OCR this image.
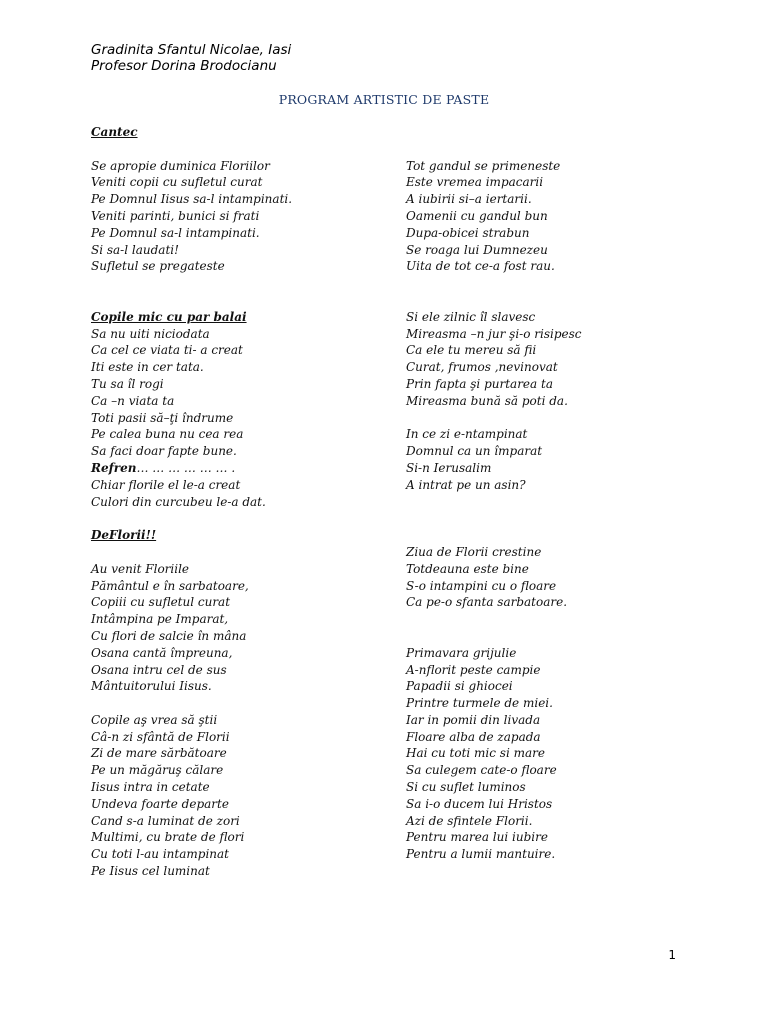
Gradinita Sfantul Nicolae, Iasi
Profesor Dorina Brodocianu
PROGRAM ARTISTIC DE PASTE
Cantec
Se apropie duminica Floriilor
Veniti copii cu sufletul curat
Pe Domnul Iisus sa-l intampinati.
Veniti parinti, bunici si frati
Pe Domnul sa-l intampinati.
Si sa-l laudati!
Sufletul se pregateste
Copile mic cu par balai
Sa nu uiti niciodata
Ca cel ce viata ti- a creat
Iti este in cer tata.
Tu sa îl rogi
Ca –n viata ta
Toti pasii să–ţi îndrume
Pe calea buna nu cea rea
Sa faci doar fapte bune.
Refren… … … … … … .
Chiar florile el le-a creat
Culori din curcubeu le-a dat.
DeFlorii!!
Au venit Floriile
Pământul e în sarbatoare,
Copiii cu sufletul curat
Intâmpina pe Imparat,
Cu flori de salcie în mâna
Osana cantă împreuna,
Osana intru cel de sus
Mântuitorului Iisus.
Copile aş vrea să ştii
Câ-n zi sfântă de Florii
Zi de mare sărbătoare
Pe un măgăruş călare
Iisus intra in cetate
Undeva foarte departe
Cand s-a luminat de zori
Multimi, cu brate de flori
Cu toti l-au intampinat
Pe Iisus cel luminat
Tot gandul se primeneste
Este vremea impacarii
A iubirii si–a iertarii.
Oamenii cu gandul bun
Dupa-obicei strabun
Se roaga lui Dumnezeu
Uita de tot ce-a fost rau.
Si ele zilnic îl slavesc
Mireasma –n jur şi-o risipesc
Ca ele tu mereu să fii
Curat, frumos ,nevinovat
Prin fapta şi purtarea ta
Mireasma bună să poti da.
In ce zi e-ntampinat
Domnul ca un împarat
Si-n Ierusalim
A intrat pe un asin?
Ziua de Florii crestine
Totdeauna este bine
S-o intampini cu o floare
Ca pe-o sfanta sarbatoare.
Primavara grijulie
A-nflorit peste campie
Papadii si ghiocei
Printre turmele de miei.
Iar in pomii din livada
Floare alba de zapada
Hai cu toti mic si mare
Sa culegem cate-o floare
Si cu suflet luminos
Sa i-o ducem lui Hristos
Azi de sfintele Florii.
Pentru marea lui iubire
Pentru a lumii mantuire.
1
